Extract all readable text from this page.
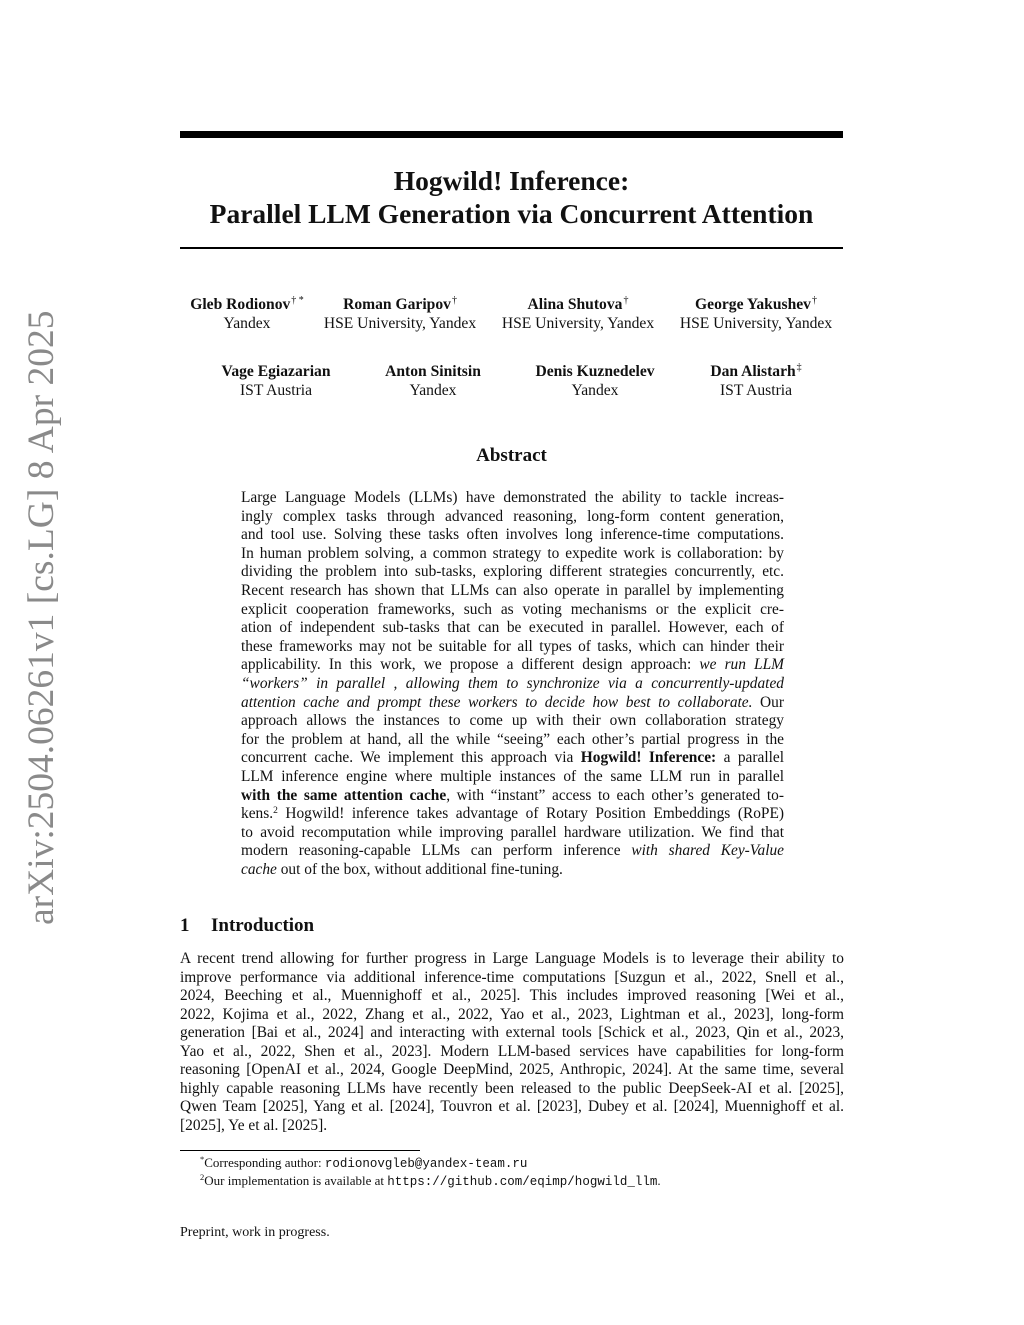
arXiv:2504.06261v1 [cs.LG] 8 Apr 2025
Hogwild! Inference:
Parallel LLM Generation via Concurrent Attention
Gleb Rodionov† *
Yandex
Roman Garipov†
HSE University, Yandex
Alina Shutova†
HSE University, Yandex
George Yakushev†
HSE University, Yandex
Vage Egiazarian
IST Austria
Anton Sinitsin
Yandex
Denis Kuznedelev
Yandex
Dan Alistarh‡
IST Austria
Abstract
Large Language Models (LLMs) have demonstrated the ability to tackle increas-
ingly complex tasks through advanced reasoning, long-form content generation,
and tool use. Solving these tasks often involves long inference-time computations.
In human problem solving, a common strategy to expedite work is collaboration: by
dividing the problem into sub-tasks, exploring different strategies concurrently, etc.
Recent research has shown that LLMs can also operate in parallel by implementing
explicit cooperation frameworks, such as voting mechanisms or the explicit cre-
ation of independent sub-tasks that can be executed in parallel. However, each of
these frameworks may not be suitable for all types of tasks, which can hinder their
applicability. In this work, we propose a different design approach: we run LLM
“workers” in parallel , allowing them to synchronize via a concurrently-updated
attention cache and prompt these workers to decide how best to collaborate. Our
approach allows the instances to come up with their own collaboration strategy
for the problem at hand, all the while “seeing” each other’s partial progress in the
concurrent cache. We implement this approach via Hogwild! Inference: a parallel
LLM inference engine where multiple instances of the same LLM run in parallel
with the same attention cache, with “instant” access to each other’s generated to-
kens.$^2$ Hogwild! inference takes advantage of Rotary Position Embeddings (RoPE)
to avoid recomputation while improving parallel hardware utilization. We find that
modern reasoning-capable LLMs can perform inference with shared Key-Value
cache out of the box, without additional fine-tuning.
1 Introduction
A recent trend allowing for further progress in Large Language Models is to leverage their ability to
improve performance via additional inference-time computations [Suzgun et al., 2022, Snell et al.,
2024, Beeching et al., Muennighoff et al., 2025]. This includes improved reasoning [Wei et al.,
2022, Kojima et al., 2022, Zhang et al., 2022, Yao et al., 2023, Lightman et al., 2023], long-form
generation [Bai et al., 2024] and interacting with external tools [Schick et al., 2023, Qin et al., 2023,
Yao et al., 2022, Shen et al., 2023]. Modern LLM-based services have capabilities for long-form
reasoning [OpenAI et al., 2024, Google DeepMind, 2025, Anthropic, 2024]. At the same time, several
highly capable reasoning LLMs have recently been released to the public DeepSeek-AI et al. [2025],
Qwen Team [2025], Yang et al. [2024], Touvron et al. [2023], Dubey et al. [2024], Muennighoff et al.
[2025], Ye et al. [2025].
*Corresponding author: rodionovgleb@yandex-team.ru
$^2$Our implementation is available at https://github.com/eqimp/hogwild_llm.
Preprint, work in progress.
